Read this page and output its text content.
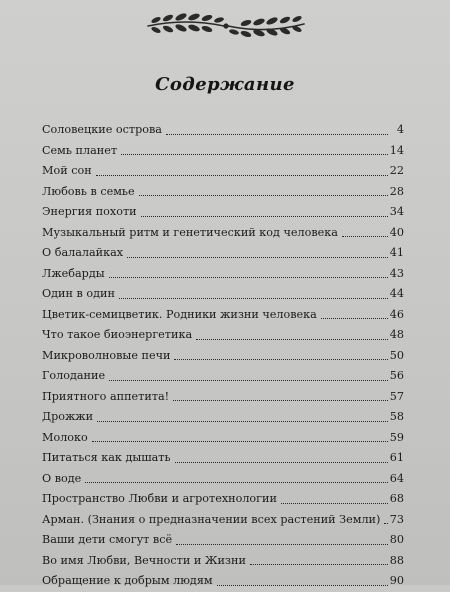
Содержание
Соловецкие острова	4
Семь планет	14
Мой сон	22
Любовь в семье	28
Энергия похоти	34
Музыкальный ритм и генетический код человека	40
О балалайках	41
Лжебарды	43
Один в один	44
Цветик-семицветик. Родники жизни человека	46
Что такое биоэнергетика	48
Микроволновые печи	50
Голодание	56
Приятного аппетита!	57
Дрожжи	58
Молоко	59
Питаться как дышать	61
О воде	64
Пространство Любви и агротехнологии	68
Арман. (Знания о предназначении всех растений Земли) 73
Ваши дети смогут всё	80
Во имя Любви, Вечности и Жизни	88
Обращение к добрым людям	90
